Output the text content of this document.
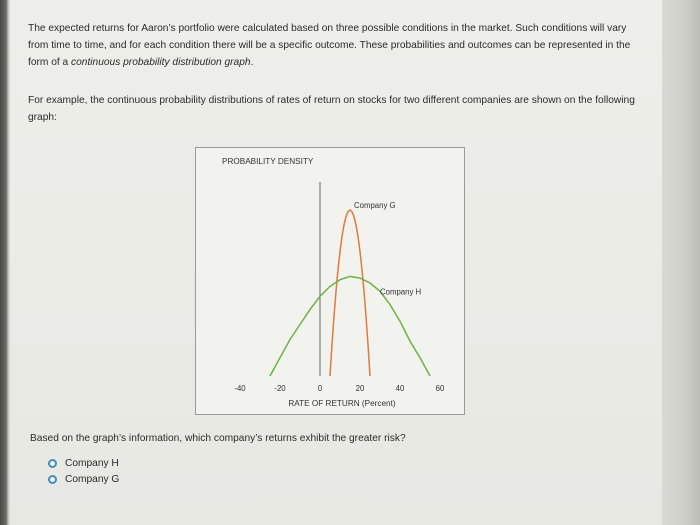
The expected returns for Aaron’s portfolio were calculated based on three possible conditions in the market. Such conditions will vary from time to time, and for each condition there will be a specific outcome. These probabilities and outcomes can be represented in the form of a continuous probability distribution graph.

For example, the continuous probability distributions of rates of return on stocks for two different companies are shown on the following graph:

PROBABILITY DENSITY
Company G
Company H
-40	-20	0	20	40	60
RATE OF RETURN (Percent)
Based on the graph’s information, which company’s returns exhibit the greater risk?
Company H
Company G
